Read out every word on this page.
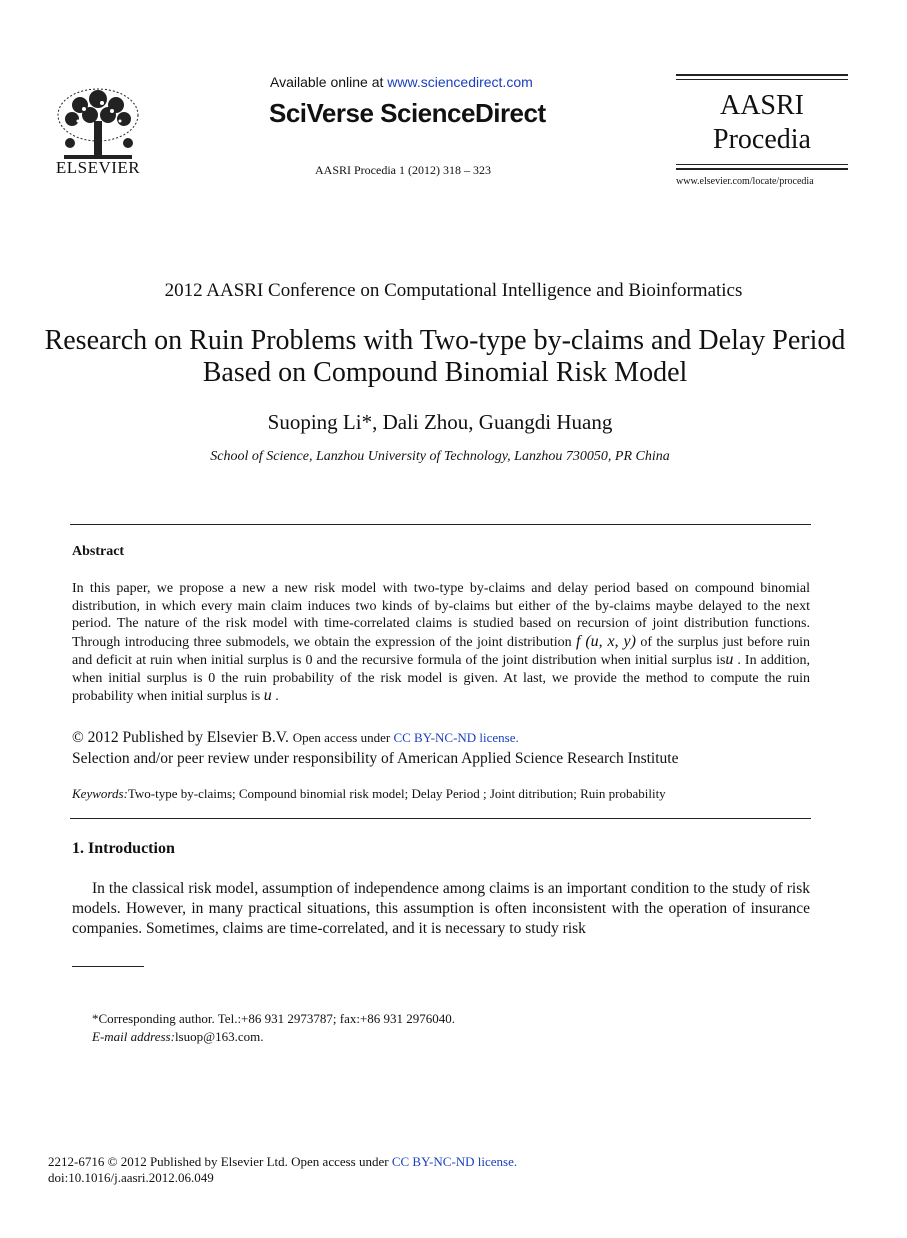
ELSEVIER
Available online at www.sciencedirect.com
SciVerse ScienceDirect
AASRI Procedia 1 (2012) 318 – 323
AASRI
Procedia
www.elsevier.com/locate/procedia
2012 AASRI Conference on Computational Intelligence and Bioinformatics
Research on Ruin Problems with Two-type by-claims and Delay Period Based on Compound Binomial Risk Model
Suoping Li*, Dali Zhou, Guangdi Huang
School of Science, Lanzhou University of Technology, Lanzhou 730050, PR China
Abstract
In this paper, we propose a new a new risk model with two-type by-claims and delay period based on compound binomial distribution, in which every main claim induces two kinds of by-claims but either of the by-claims maybe delayed to the next period. The nature of the risk model with time-correlated claims is studied based on recursion of joint distribution functions. Through introducing three submodels, we obtain the expression of the joint distribution f (u, x, y) of the surplus just before ruin and deficit at ruin when initial surplus is 0 and the recursive formula of the joint distribution when initial surplus isu . In addition, when initial surplus is 0 the ruin probability of the risk model is given. At last, we provide the method to compute the ruin probability when initial surplus is u .
© 2012 Published by Elsevier B.V. Open access under CC BY-NC-ND license.
Selection and/or peer review under responsibility of American Applied Science Research Institute
Keywords:Two-type by-claims; Compound binomial risk model; Delay Period ; Joint ditribution; Ruin probability
1. Introduction
In the classical risk model, assumption of independence among claims is an important condition to the study of risk models. However, in many practical situations, this assumption is often inconsistent with the operation of insurance companies. Sometimes, claims are time-correlated, and it is necessary to study risk
*Corresponding author. Tel.:+86 931 2973787; fax:+86 931 2976040.
E-mail address:lsuop@163.com.
2212-6716 © 2012 Published by Elsevier Ltd. Open access under CC BY-NC-ND license.
doi:10.1016/j.aasri.2012.06.049
